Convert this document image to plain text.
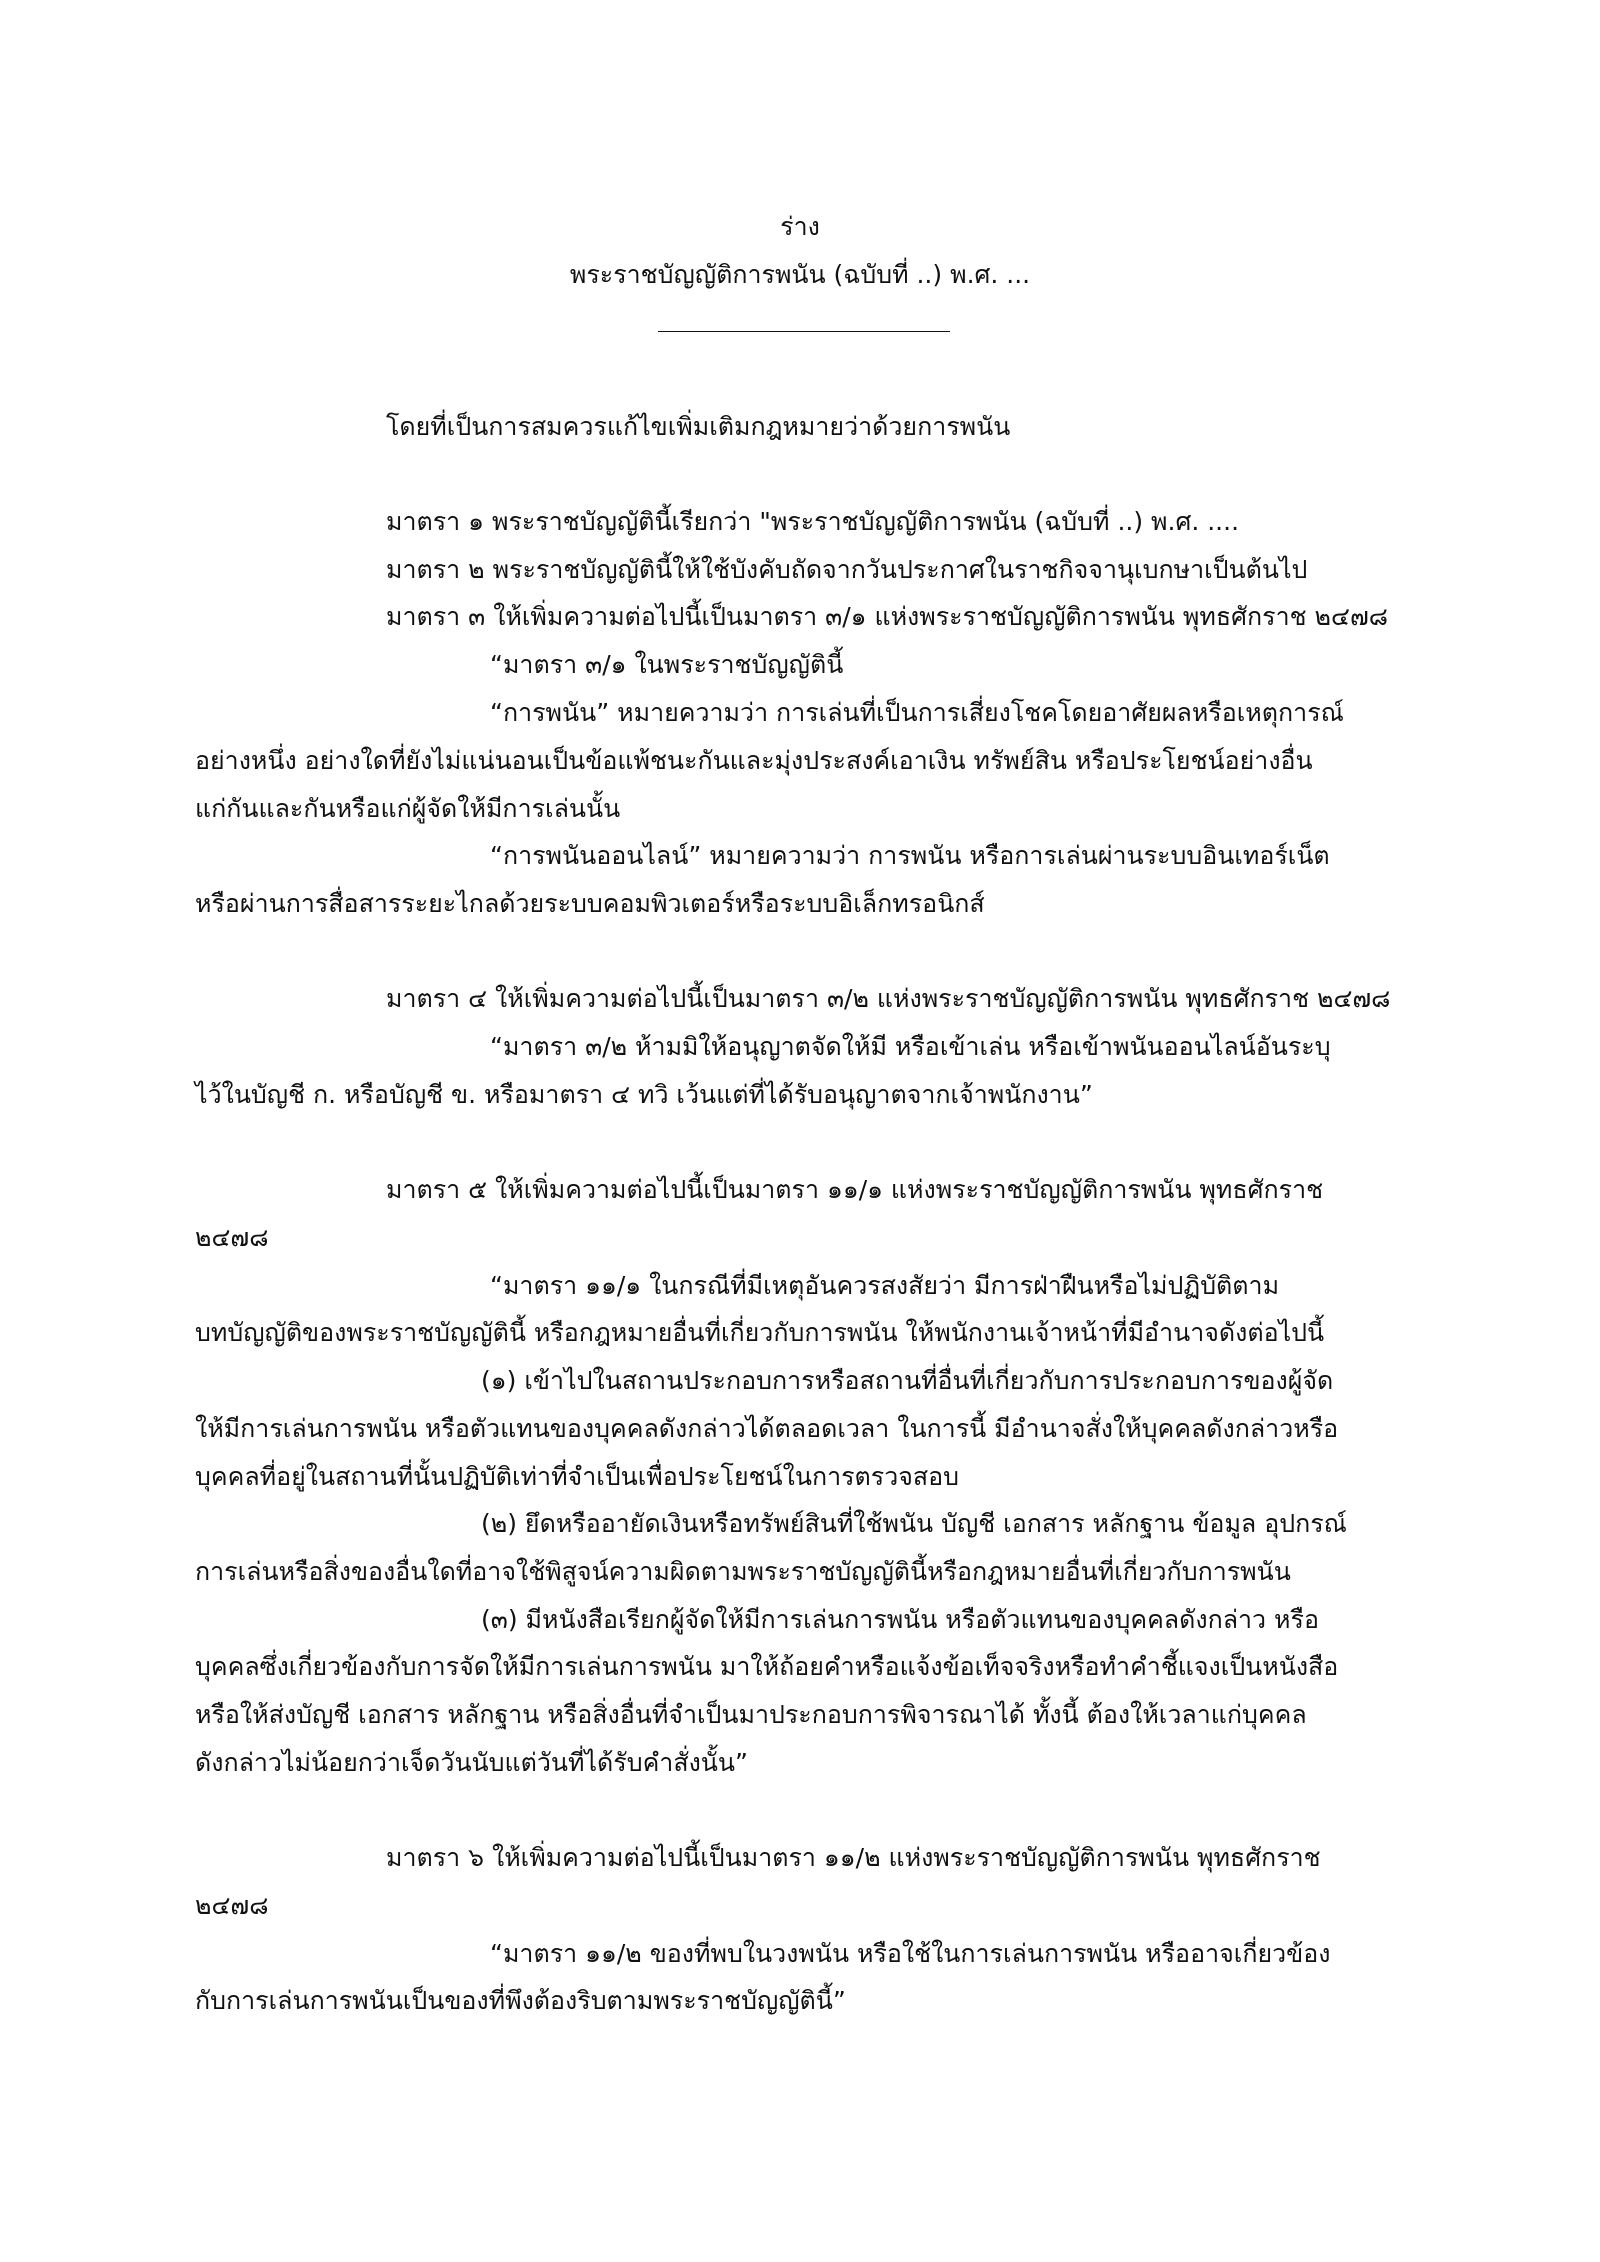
ร่าง
พระราชบัญญัติการพนัน (ฉบับที่ ..) พ.ศ. ...
โดยที่เป็นการสมควรแก้ไขเพิ่มเติมกฎหมายว่าด้วยการพนัน
มาตรา ๑ พระราชบัญญัตินี้เรียกว่า "พระราชบัญญัติการพนัน (ฉบับที่ ..) พ.ศ. ....
มาตรา ๒ พระราชบัญญัตินี้ให้ใช้บังคับถัดจากวันประกาศในราชกิจจานุเบกษาเป็นต้นไป
มาตรา ๓ ให้เพิ่มความต่อไปนี้เป็นมาตรา ๓/๑ แห่งพระราชบัญญัติการพนัน พุทธศักราช ๒๔๗๘
“มาตรา ๓/๑ ในพระราชบัญญัตินี้
“การพนัน” หมายความว่า การเล่นที่เป็นการเสี่ยงโชคโดยอาศัยผลหรือเหตุการณ์
อย่างหนึ่ง อย่างใดที่ยังไม่แน่นอนเป็นข้อแพ้ชนะกันและมุ่งประสงค์เอาเงิน ทรัพย์สิน หรือประโยชน์อย่างอื่น
แก่กันและกันหรือแก่ผู้จัดให้มีการเล่นนั้น
“การพนันออนไลน์” หมายความว่า การพนัน หรือการเล่นผ่านระบบอินเทอร์เน็ต
หรือผ่านการสื่อสารระยะไกลด้วยระบบคอมพิวเตอร์หรือระบบอิเล็กทรอนิกส์
มาตรา ๔ ให้เพิ่มความต่อไปนี้เป็นมาตรา ๓/๒ แห่งพระราชบัญญัติการพนัน พุทธศักราช ๒๔๗๘
“มาตรา ๓/๒ ห้ามมิให้อนุญาตจัดให้มี หรือเข้าเล่น หรือเข้าพนันออนไลน์อันระบุ
ไว้ในบัญชี ก. หรือบัญชี ข. หรือมาตรา ๔ ทวิ เว้นแต่ที่ได้รับอนุญาตจากเจ้าพนักงาน”
มาตรา ๕ ให้เพิ่มความต่อไปนี้เป็นมาตรา ๑๑/๑ แห่งพระราชบัญญัติการพนัน พุทธศักราช
๒๔๗๘
“มาตรา ๑๑/๑ ในกรณีที่มีเหตุอันควรสงสัยว่า มีการฝ่าฝืนหรือไม่ปฏิบัติตาม
บทบัญญัติของพระราชบัญญัตินี้ หรือกฎหมายอื่นที่เกี่ยวกับการพนัน ให้พนักงานเจ้าหน้าที่มีอำนาจดังต่อไปนี้
(๑) เข้าไปในสถานประกอบการหรือสถานที่อื่นที่เกี่ยวกับการประกอบการของผู้จัด
ให้มีการเล่นการพนัน หรือตัวแทนของบุคคลดังกล่าวได้ตลอดเวลา ในการนี้ มีอำนาจสั่งให้บุคคลดังกล่าวหรือ
บุคคลที่อยู่ในสถานที่นั้นปฏิบัติเท่าที่จำเป็นเพื่อประโยชน์ในการตรวจสอบ
(๒) ยึดหรืออายัดเงินหรือทรัพย์สินที่ใช้พนัน บัญชี เอกสาร หลักฐาน ข้อมูล อุปกรณ์
การเล่นหรือสิ่งของอื่นใดที่อาจใช้พิสูจน์ความผิดตามพระราชบัญญัตินี้หรือกฎหมายอื่นที่เกี่ยวกับการพนัน
(๓) มีหนังสือเรียกผู้จัดให้มีการเล่นการพนัน หรือตัวแทนของบุคคลดังกล่าว หรือ
บุคคลซึ่งเกี่ยวข้องกับการจัดให้มีการเล่นการพนัน มาให้ถ้อยคำหรือแจ้งข้อเท็จจริงหรือทำคำชี้แจงเป็นหนังสือ
หรือให้ส่งบัญชี เอกสาร หลักฐาน หรือสิ่งอื่นที่จำเป็นมาประกอบการพิจารณาได้ ทั้งนี้ ต้องให้เวลาแก่บุคคล
ดังกล่าวไม่น้อยกว่าเจ็ดวันนับแต่วันที่ได้รับคำสั่งนั้น”
มาตรา ๖ ให้เพิ่มความต่อไปนี้เป็นมาตรา ๑๑/๒ แห่งพระราชบัญญัติการพนัน พุทธศักราช
๒๔๗๘
“มาตรา ๑๑/๒ ของที่พบในวงพนัน หรือใช้ในการเล่นการพนัน หรืออาจเกี่ยวข้อง
กับการเล่นการพนันเป็นของที่พึงต้องริบตามพระราชบัญญัตินี้”
